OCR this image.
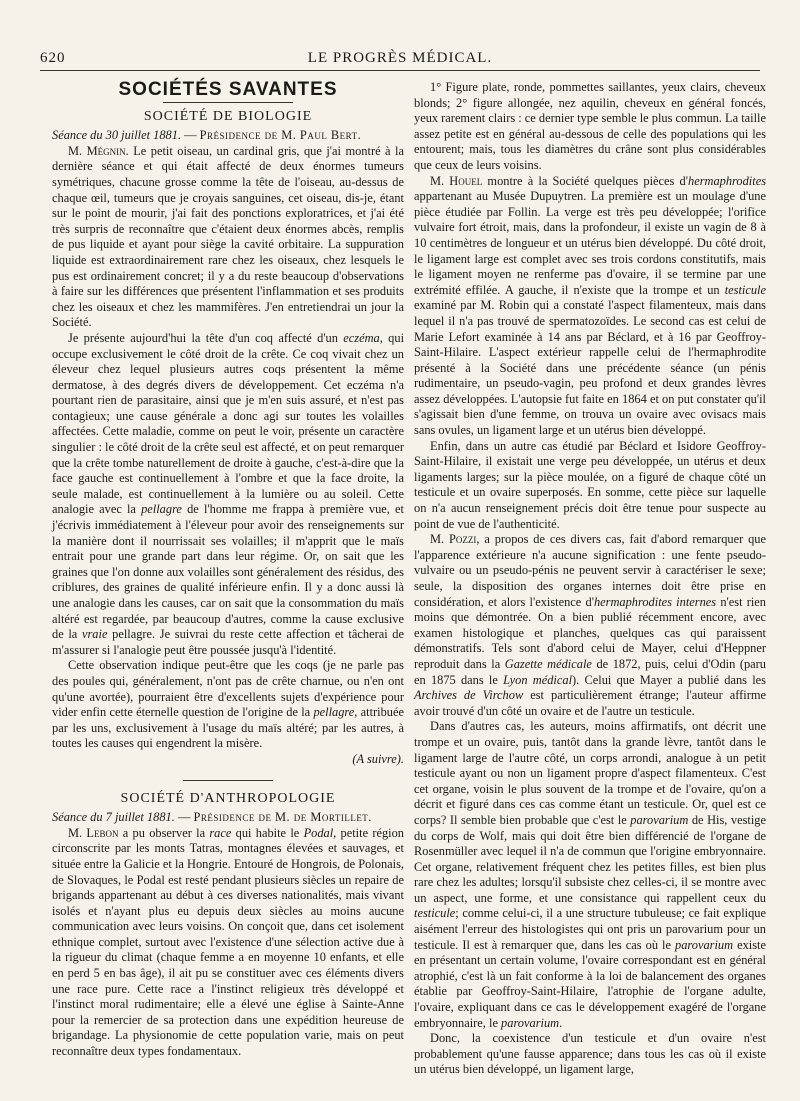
620	LE PROGRÈS MÉDICAL.
SOCIÉTÉS SAVANTES
SOCIÉTÉ DE BIOLOGIE

Séance du 30 juillet 1881. — Présidence de M. Paul Bert.

M. Mégnin. Le petit oiseau, un cardinal gris, que j'ai montré à la dernière séance et qui était affecté de deux énormes tumeurs symétriques, chacune grosse comme la tête de l'oiseau, au-dessus de chaque œil, tumeurs que je croyais sanguines, cet oiseau, dis-je, étant sur le point de mourir, j'ai fait des ponctions exploratrices, et j'ai été très surpris de reconnaître que c'étaient deux énormes abcès, remplis de pus liquide et ayant pour siège la cavité orbitaire. La suppuration liquide est extraordinairement rare chez les oiseaux, chez lesquels le pus est ordinairement concret; il y a du reste beaucoup d'observations à faire sur les différences que présentent l'inflammation et ses produits chez les oiseaux et chez les mammifères. J'en entretiendrai un jour la Société.

Je présente aujourd'hui la tête d'un coq affecté d'un eczéma, qui occupe exclusivement le côté droit de la crête. Ce coq vivait chez un éleveur chez lequel plusieurs autres coqs présentent la même dermatose, à des degrés divers de développement. Cet eczéma n'a pourtant rien de parasitaire, ainsi que je m'en suis assuré, et n'est pas contagieux; une cause générale a donc agi sur toutes les volailles affectées. Cette maladie, comme on peut le voir, présente un caractère singulier : le côté droit de la crête seul est affecté, et on peut remarquer que la crête tombe naturellement de droite à gauche, c'est-à-dire que la face gauche est continuellement à l'ombre et que la face droite, la seule malade, est continuellement à la lumière ou au soleil. Cette analogie avec la pellagre de l'homme me frappa à première vue, et j'écrivis immédiatement à l'éleveur pour avoir des renseignements sur la manière dont il nourrissait ses volailles; il m'apprit que le maïs entrait pour une grande part dans leur régime. Or, on sait que les graines que l'on donne aux volailles sont généralement des résidus, des criblures, des graines de qualité inférieure enfin. Il y a donc aussi là une analogie dans les causes, car on sait que la consommation du maïs altéré est regardée, par beaucoup d'autres, comme la cause exclusive de la vraie pellagre. Je suivrai du reste cette affection et tâcherai de m'assurer si l'analogie peut être poussée jusqu'à l'identité.

Cette observation indique peut-être que les coqs (je ne parle pas des poules qui, généralement, n'ont pas de crête charnue, ou n'en ont qu'une avortée), pourraient être d'excellents sujets d'expérience pour vider enfin cette éternelle question de l'origine de la pellagre, attribuée par les uns, exclusivement à l'usage du maïs altéré; par les autres, à toutes les causes qui engendrent la misère.

(A suivre).
SOCIÉTÉ D'ANTHROPOLOGIE

Séance du 7 juillet 1881. — Présidence de M. de Mortillet.

M. Lebon a pu observer la race qui habite le Podal, petite région circonscrite par les monts Tatras, montagnes élevées et sauvages, et située entre la Galicie et la Hongrie. Entouré de Hongrois, de Polonais, de Slovaques, le Podal est resté pendant plusieurs siècles un repaire de brigands appartenant au début à ces diverses nationalités, mais vivant isolés et n'ayant plus eu depuis deux siècles au moins aucune communication avec leurs voisins. On conçoit que, dans cet isolement ethnique complet, surtout avec l'existence d'une sélection active due à la rigueur du climat (chaque femme a en moyenne 10 enfants, et elle en perd 5 en bas âge), il ait pu se constituer avec ces éléments divers une race pure. Cette race a l'instinct religieux très développé et l'instinct moral rudimentaire; elle a élevé une église à Sainte-Anne pour la remercier de sa protection dans une expédition heureuse de brigandage. La physionomie de cette population varie, mais on peut reconnaître deux types fondamentaux.

1° Figure plate, ronde, pommettes saillantes, yeux clairs, cheveux blonds; 2° figure allongée, nez aquilin, cheveux en général foncés, yeux rarement clairs : ce dernier type semble le plus commun. La taille assez petite est en général au-dessous de celle des populations qui les entourent; mais, tous les diamètres du crâne sont plus considérables que ceux de leurs voisins.

M. Houel montre à la Société quelques pièces d'hermaphrodites appartenant au Musée Dupuytren. La première est un moulage d'une pièce étudiée par Follin. La verge est très peu développée; l'orifice vulvaire fort étroit, mais, dans la profondeur, il existe un vagin de 8 à 10 centimètres de longueur et un utérus bien développé. Du côté droit, le ligament large est complet avec ses trois cordons constitutifs, mais le ligament moyen ne renferme pas d'ovaire, il se termine par une extrémité effilée. A gauche, il n'existe que la trompe et un testicule examiné par M. Robin qui a constaté l'aspect filamenteux, mais dans lequel il n'a pas trouvé de spermatozoïdes. Le second cas est celui de Marie Lefort examinée à 14 ans par Béclard, et à 16 par Geoffroy-Saint-Hilaire. L'aspect extérieur rappelle celui de l'hermaphrodite présenté à la Société dans une précédente séance (un pénis rudimentaire, un pseudo-vagin, peu profond et deux grandes lèvres assez développées. L'autopsie fut faite en 1864 et on put constater qu'il s'agissait bien d'une femme, on trouva un ovaire avec ovisacs mais sans ovules, un ligament large et un utérus bien développé.

Enfin, dans un autre cas étudié par Béclard et Isidore Geoffroy-Saint-Hilaire, il existait une verge peu développée, un utérus et deux ligaments larges; sur la pièce moulée, on a figuré de chaque côté un testicule et un ovaire superposés. En somme, cette pièce sur laquelle on n'a aucun renseignement précis doit être tenue pour suspecte au point de vue de l'authenticité.

M. Pozzi, a propos de ces divers cas, fait d'abord remarquer que l'apparence extérieure n'a aucune signification : une fente pseudo-vulvaire ou un pseudo-pénis ne peuvent servir à caractériser le sexe; seule, la disposition des organes internes doit être prise en considération, et alors l'existence d'hermaphrodites internes n'est rien moins que démontrée. On a bien publié récemment encore, avec examen histologique et planches, quelques cas qui paraissent démonstratifs. Tels sont d'abord celui de Mayer, celui d'Heppner reproduit dans la Gazette médicale de 1872, puis, celui d'Odin (paru en 1875 dans le Lyon médical). Celui que Mayer a publié dans les Archives de Virchow est particulièrement étrange; l'auteur affirme avoir trouvé d'un côté un ovaire et de l'autre un testicule.

Dans d'autres cas, les auteurs, moins affirmatifs, ont décrit une trompe et un ovaire, puis, tantôt dans la grande lèvre, tantôt dans le ligament large de l'autre côté, un corps arrondi, analogue à un petit testicule ayant ou non un ligament propre d'aspect filamenteux. C'est cet organe, voisin le plus souvent de la trompe et de l'ovaire, qu'on a décrit et figuré dans ces cas comme étant un testicule. Or, quel est ce corps? Il semble bien probable que c'est le parovarium de His, vestige du corps de Wolf, mais qui doit être bien différencié de l'organe de Rosenmüller avec lequel il n'a de commun que l'origine embryonnaire. Cet organe, relativement fréquent chez les petites filles, est bien plus rare chez les adultes; lorsqu'il subsiste chez celles-ci, il se montre avec un aspect, une forme, et une consistance qui rappellent ceux du testicule; comme celui-ci, il a une structure tubuleuse; ce fait explique aisément l'erreur des histologistes qui ont pris un parovarium pour un testicule. Il est à remarquer que, dans les cas où le parovarium existe en présentant un certain volume, l'ovaire correspondant est en général atrophié, c'est là un fait conforme à la loi de balancement des organes établie par Geoffroy-Saint-Hilaire, l'atrophie de l'organe adulte, l'ovaire, expliquant dans ce cas le développement exagéré de l'organe embryonnaire, le parovarium.

Donc, la coexistence d'un testicule et d'un ovaire n'est probablement qu'une fausse apparence; dans tous les cas où il existe un utérus bien développé, un ligament large,
